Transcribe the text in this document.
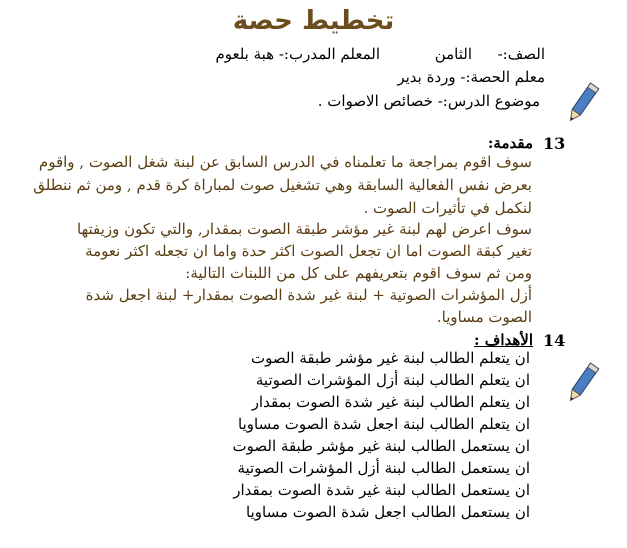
تخطيط حصة
الصف:-
الثامن
المعلم المدرب:- هبة بلعوم
معلم الحصة:- وردة بدير
موضوع الدرس:- خصائص الاصوات .
13
مقدمة:
سوف اقوم بمراجعة ما تعلمناه في الدرس السابق عن لبنة شغل الصوت , واقوم
بعرض نفس الفعالية السابقة وهي تشغيل صوت لمباراة كرة قدم , ومن ثم ننطلق
لنكمل في تأثيرات الصوت .
سوف اعرض لهم لبنة غير مؤشر طبقة الصوت بمقدار, والتي تكون وزيفتها
تغير كبقة الصوت اما ان تجعل الصوت اكثر حدة واما ان تجعله اكثر نعومة
ومن ثم سوف اقوم بتعريفهم على كل من اللبنات التالية:
أزل المؤشرات الصوتية + لبنة غير شدة الصوت بمقدار+ لبنة اجعل شدة
الصوت مساويا.
14
الأهداف :
ان يتعلم الطالب لبنة غير مؤشر طبقة الصوت
ان يتعلم الطالب لبنة أزل المؤشرات الصوتية
ان يتعلم الطالب لبنة غير شدة الصوت بمقدار
ان يتعلم الطالب لبنة اجعل شدة الصوت مساويا
ان يستعمل الطالب لبنة غير مؤشر طبقة الصوت
ان يستعمل الطالب لبنة أزل المؤشرات الصوتية
ان يستعمل الطالب لبنة غير شدة الصوت بمقدار
ان يستعمل الطالب اجعل شدة الصوت مساويا
